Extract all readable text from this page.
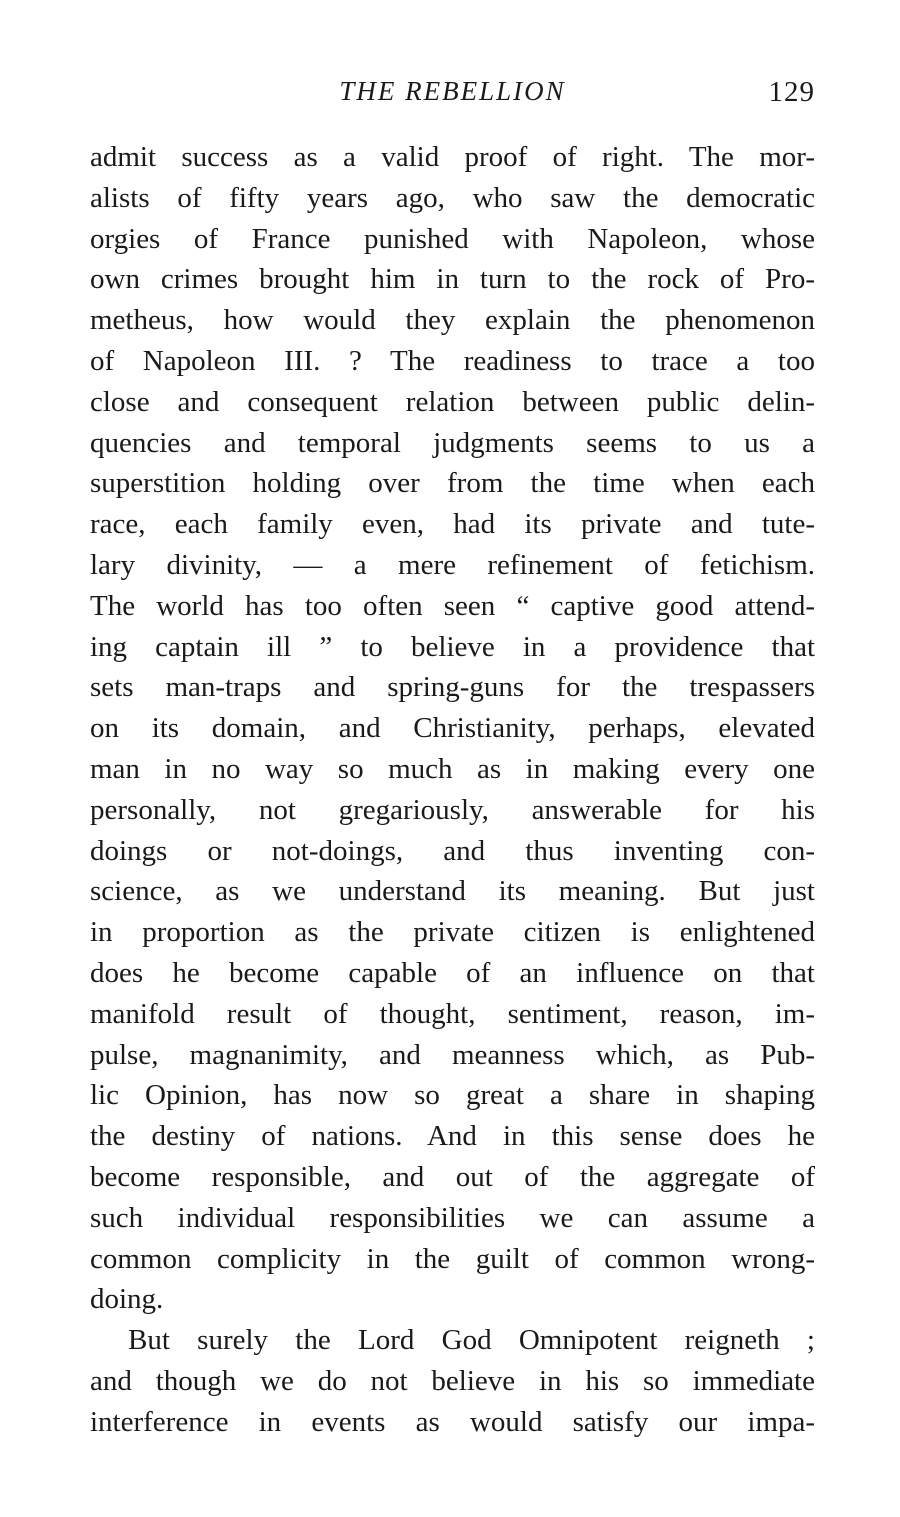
THE REBELLION	129
admit success as a valid proof of right. The mor-
alists of fifty years ago, who saw the democratic
orgies of France punished with Napoleon, whose
own crimes brought him in turn to the rock of Pro-
metheus, how would they explain the phenomenon
of Napoleon III. ? The readiness to trace a too
close and consequent relation between public delin-
quencies and temporal judgments seems to us a
superstition holding over from the time when each
race, each family even, had its private and tute-
lary divinity, — a mere refinement of fetichism.
The world has too often seen “ captive good attend-
ing captain ill ” to believe in a providence that
sets man-traps and spring-guns for the trespassers
on its domain, and Christianity, perhaps, elevated
man in no way so much as in making every one
personally, not gregariously, answerable for his
doings or not-doings, and thus inventing con-
science, as we understand its meaning. But just
in proportion as the private citizen is enlightened
does he become capable of an influence on that
manifold result of thought, sentiment, reason, im-
pulse, magnanimity, and meanness which, as Pub-
lic Opinion, has now so great a share in shaping
the destiny of nations. And in this sense does he
become responsible, and out of the aggregate of
such individual responsibilities we can assume a
common complicity in the guilt of common wrong-
doing.
But surely the Lord God Omnipotent reigneth ;
and though we do not believe in his so immediate
interference in events as would satisfy our impa-
